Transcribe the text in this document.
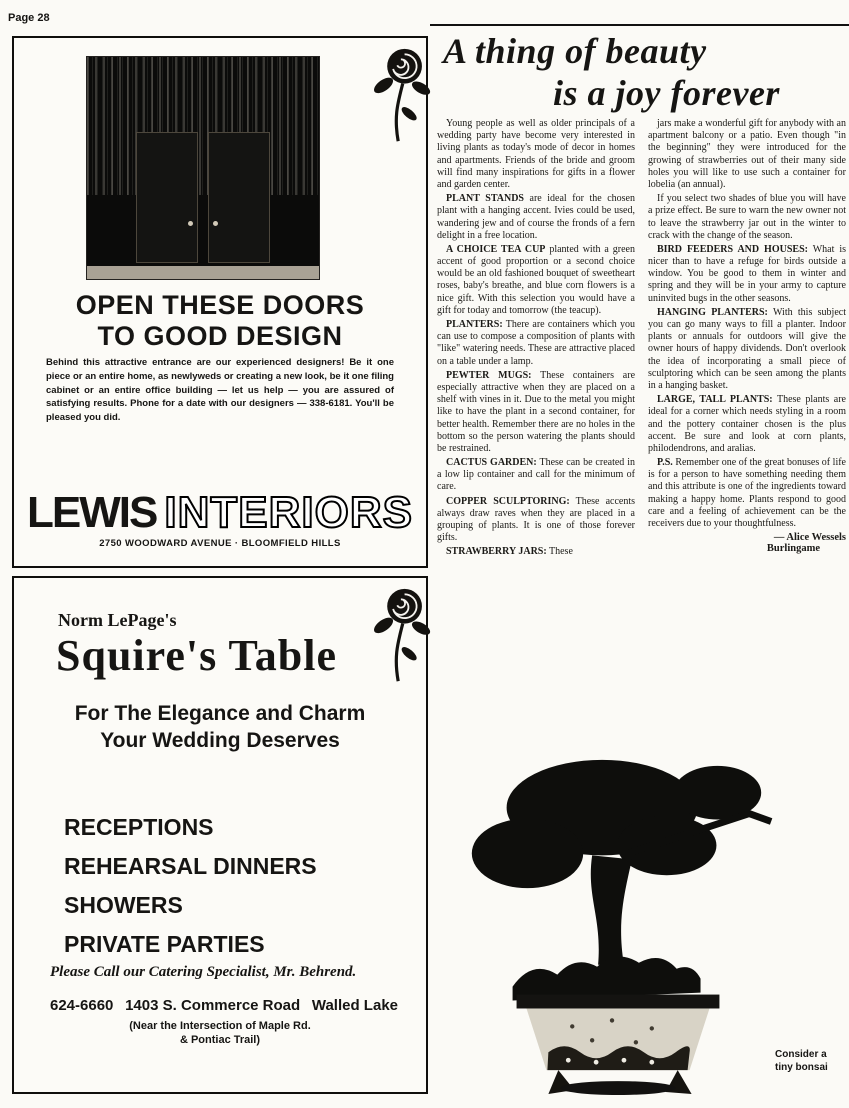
Page 28
OPEN THESE DOORS
TO GOOD DESIGN
Behind this attractive entrance are our experienced designers! Be it one piece or an entire home, as newlyweds or creating a new look, be it one filing cabinet or an entire office building — let us help — you are assured of satisfying results. Phone for a date with our designers — 338-6181. You'll be pleased you did.
LEWIS INTERIORS
2750 WOODWARD AVENUE · BLOOMFIELD HILLS
Norm LePage's
Squire's Table
For The Elegance and Charm
Your Wedding Deserves
RECEPTIONS
REHEARSAL DINNERS
SHOWERS
PRIVATE PARTIES
Please Call our Catering Specialist, Mr. Behrend.
624-6660 1403 S. Commerce Road Walled Lake
(Near the Intersection of Maple Rd.
& Pontiac Trail)
A thing of beauty
is a joy forever

Young people as well as older principals of a wedding party have become very interested in living plants as today's mode of decor in homes and apartments. Friends of the bride and groom will find many inspirations for gifts in a flower and garden center.

PLANT STANDS are ideal for the chosen plant with a hanging accent. Ivies could be used, wandering jew and of course the fronds of a fern delight in a free location.

A CHOICE TEA CUP planted with a green accent of good proportion or a second choice would be an old fashioned bouquet of sweetheart roses, baby's breathe, and blue corn flowers is a nice gift. With this selection you would have a gift for today and tomorrow (the teacup).

PLANTERS: There are containers which you can use to compose a composition of plants with "like" watering needs. These are attractive placed on a table under a lamp.

PEWTER MUGS: These containers are especially attractive when they are placed on a shelf with vines in it. Due to the metal you might like to have the plant in a second container, for better health. Remember there are no holes in the bottom so the person watering the plants should be restrained.

CACTUS GARDEN: These can be created in a low lip container and call for the minimum of care.

COPPER SCULPTORING: These accents always draw raves when they are placed in a grouping of plants. It is one of those forever gifts.

STRAWBERRY JARS: These

jars make a wonderful gift for anybody with an apartment balcony or a patio. Even though "in the beginning" they were introduced for the growing of strawberries out of their many side holes you will like to use such a container for lobelia (an annual).

If you select two shades of blue you will have a prize effect. Be sure to warn the new owner not to leave the strawberry jar out in the winter to crack with the change of the season.

BIRD FEEDERS AND HOUSES: What is nicer than to have a refuge for birds outside a window. You be good to them in winter and spring and they will be in your army to capture uninvited bugs in the other seasons.

HANGING PLANTERS: With this subject you can go many ways to fill a planter. Indoor plants or annuals for outdoors will give the owner hours of happy dividends. Don't overlook the idea of incorporating a small piece of sculptoring which can be seen among the plants in a hanging basket.

LARGE, TALL PLANTS: These plants are ideal for a corner which needs styling in a room and the pottery container chosen is the plus accent. Be sure and look at corn plants, philodendrons, and aralias.

P.S. Remember one of the great bonuses of life is for a person to have something needing them and this attribute is one of the ingredients toward making a happy home. Plants respond to good care and a feeling of achievement can be the receivers due to your thoughtfulness.

— Alice Wessels
Burlingame
Consider a
tiny bonsai
